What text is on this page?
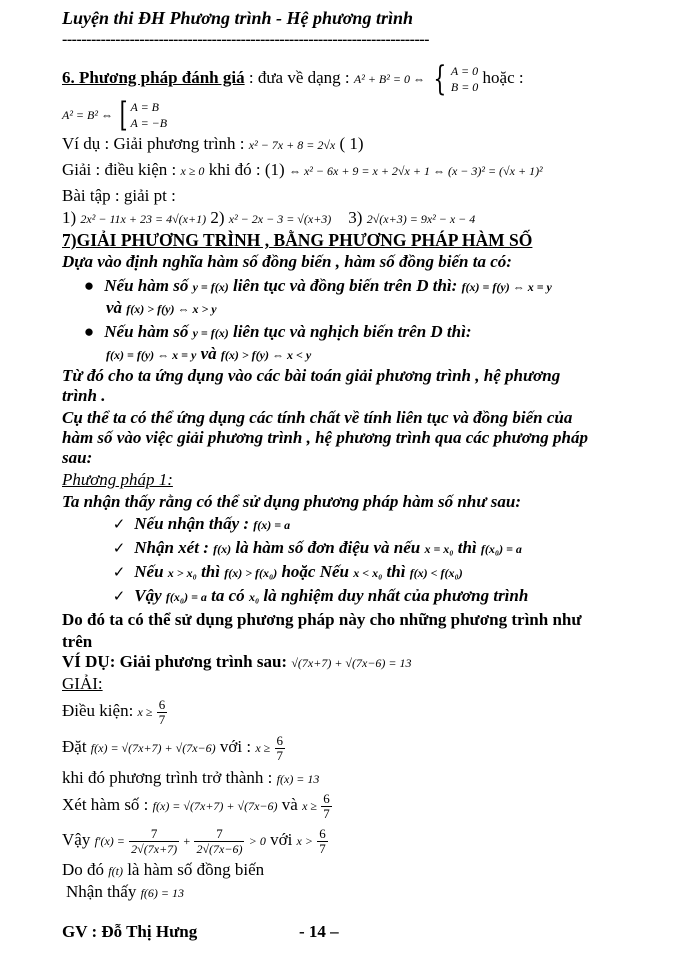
Luyện thi ĐH Phương trình - Hệ phương trình
----------------------------------------------------------------------------
6. Phương pháp đánh giá : đưa về dạng : A² + B² = 0 ⇔ { A = 0
B = 0
hoặc :
A² = B² ⇔ [ A = B
A = −B
Ví dụ : Giải phương trình : x² − 7x + 8 = 2√x ( 1)
Giải : điều kiện : x ≥ 0 khi đó : (1) ⇔ x² − 6x + 9 = x + 2√x + 1 ⇔ (x − 3)² = (√x + 1)²
Bài tập : giải pt :
1) 2x² − 11x + 23 = 4√(x+1) 2) x² − 2x − 3 = √(x+3) 3) 2√(x+3) = 9x² − x − 4
7)GIẢI PHƯƠNG TRÌNH , BẰNG PHƯƠNG PHÁP HÀM SỐ
Dựa vào định nghĩa hàm số đồng biến , hàm số đồng biến ta có:
● Nếu hàm số y = f(x) liên tục và đồng biến trên D thì: f(x) = f(y) ⇔ x = y
và f(x) > f(y) ⇔ x > y
● Nếu hàm số y = f(x) liên tục và nghịch biến trên D thì:
f(x) = f(y) ⇔ x = y và f(x) > f(y) ⇔ x < y
Từ đó cho ta ứng dụng vào các bài toán giải phương trình , hệ phương
trình .
Cụ thể ta có thể ứng dụng các tính chất về tính liên tục và đồng biến của
hàm số vào việc giải phương trình , hệ phương trình qua các phương pháp
sau:
Phương pháp 1:
Ta nhận thấy rằng có thể sử dụng phương pháp hàm số như sau:
✓ Nếu nhận thấy : f(x) = a
✓ Nhận xét : f(x) là hàm số đơn điệu và nếu x = x₀ thì f(x₀) = a
✓ Nếu x > x₀ thì f(x) > f(x₀) hoặc Nếu x < x₀ thì f(x) < f(x₀)
✓ Vậy f(x₀) = a ta có x₀ là nghiệm duy nhất của phương trình
Do đó ta có thể sử dụng phương pháp này cho những phương trình như
trên
VÍ DỤ: Giải phương trình sau: √(7x+7) + √(7x−6) = 13
GIẢI:
Điều kiện: $x \ge \frac{6}{7}$
Đặt f(x) = √(7x+7) + √(7x−6) với : $x \ge \frac{6}{7}$
khi đó phương trình trở thành : f(x) = 13
Xét hàm số : f(x) = √(7x+7) + √(7x−6) và $x \ge \frac{6}{7}$
Vậy $f'(x) = \frac{7}{2√(7x+7)} + \frac{7}{2√(7x-6)} > 0$ với $x > \frac{6}{7}$
Do đó f(t) là hàm số đồng biến
Nhận thấy f(6) = 13
GV : Đỗ Thị Hưng	- 14 –
